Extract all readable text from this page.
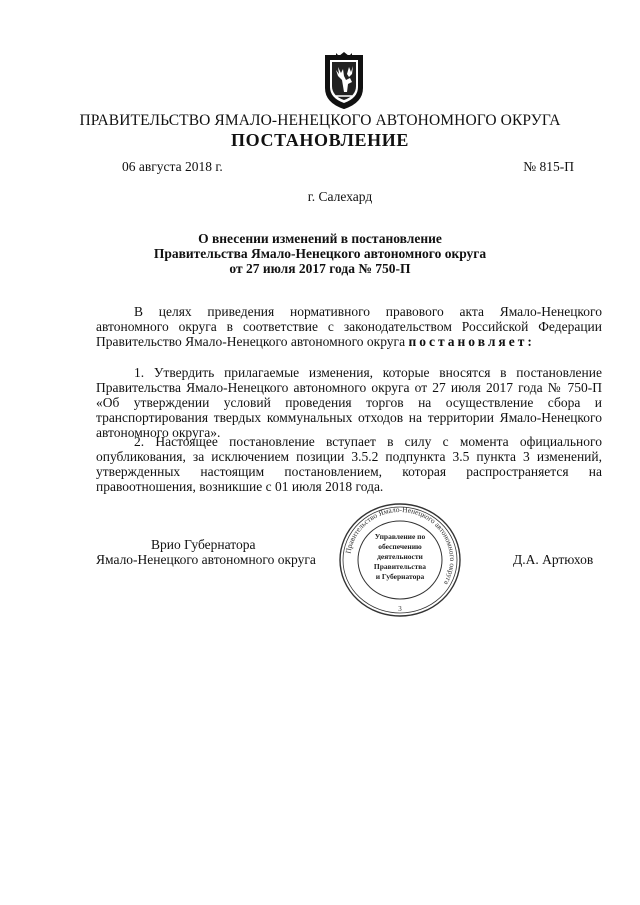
ПРАВИТЕЛЬСТВО ЯМАЛО-НЕНЕЦКОГО АВТОНОМНОГО ОКРУГА
ПОСТАНОВЛЕНИЕ
06 августа 2018 г.	№ 815-П
г. Салехард
О внесении изменений в постановление
Правительства Ямало-Ненецкого автономного округа
от 27 июля 2017 года № 750-П
В целях приведения нормативного правового акта Ямало-Ненецкого автономного округа в соответствие с законодательством Российской Федерации Правительство Ямало-Ненецкого автономного округа постановляет:
1. Утвердить прилагаемые изменения, которые вносятся в постановление Правительства Ямало-Ненецкого автономного округа от 27 июля 2017 года № 750-П «Об утверждении условий проведения торгов на осуществление сбора и транспортирования твердых коммунальных отходов на территории Ямало-Ненецкого автономного округа».
2. Настоящее постановление вступает в силу с момента официального опубликования, за исключением позиции 3.5.2 подпункта 3.5 пункта 3 изменений, утвержденных настоящим постановлением, которая распространяется на правоотношения, возникшие с 01 июля 2018 года.
Врио Губернатора
Ямало-Ненецкого автономного округа	Д.А. Артюхов
Правительство Ямало-Ненецкого автономного округа
Управление по
обеспечению
деятельности
Правительства
и Губернатора
3
